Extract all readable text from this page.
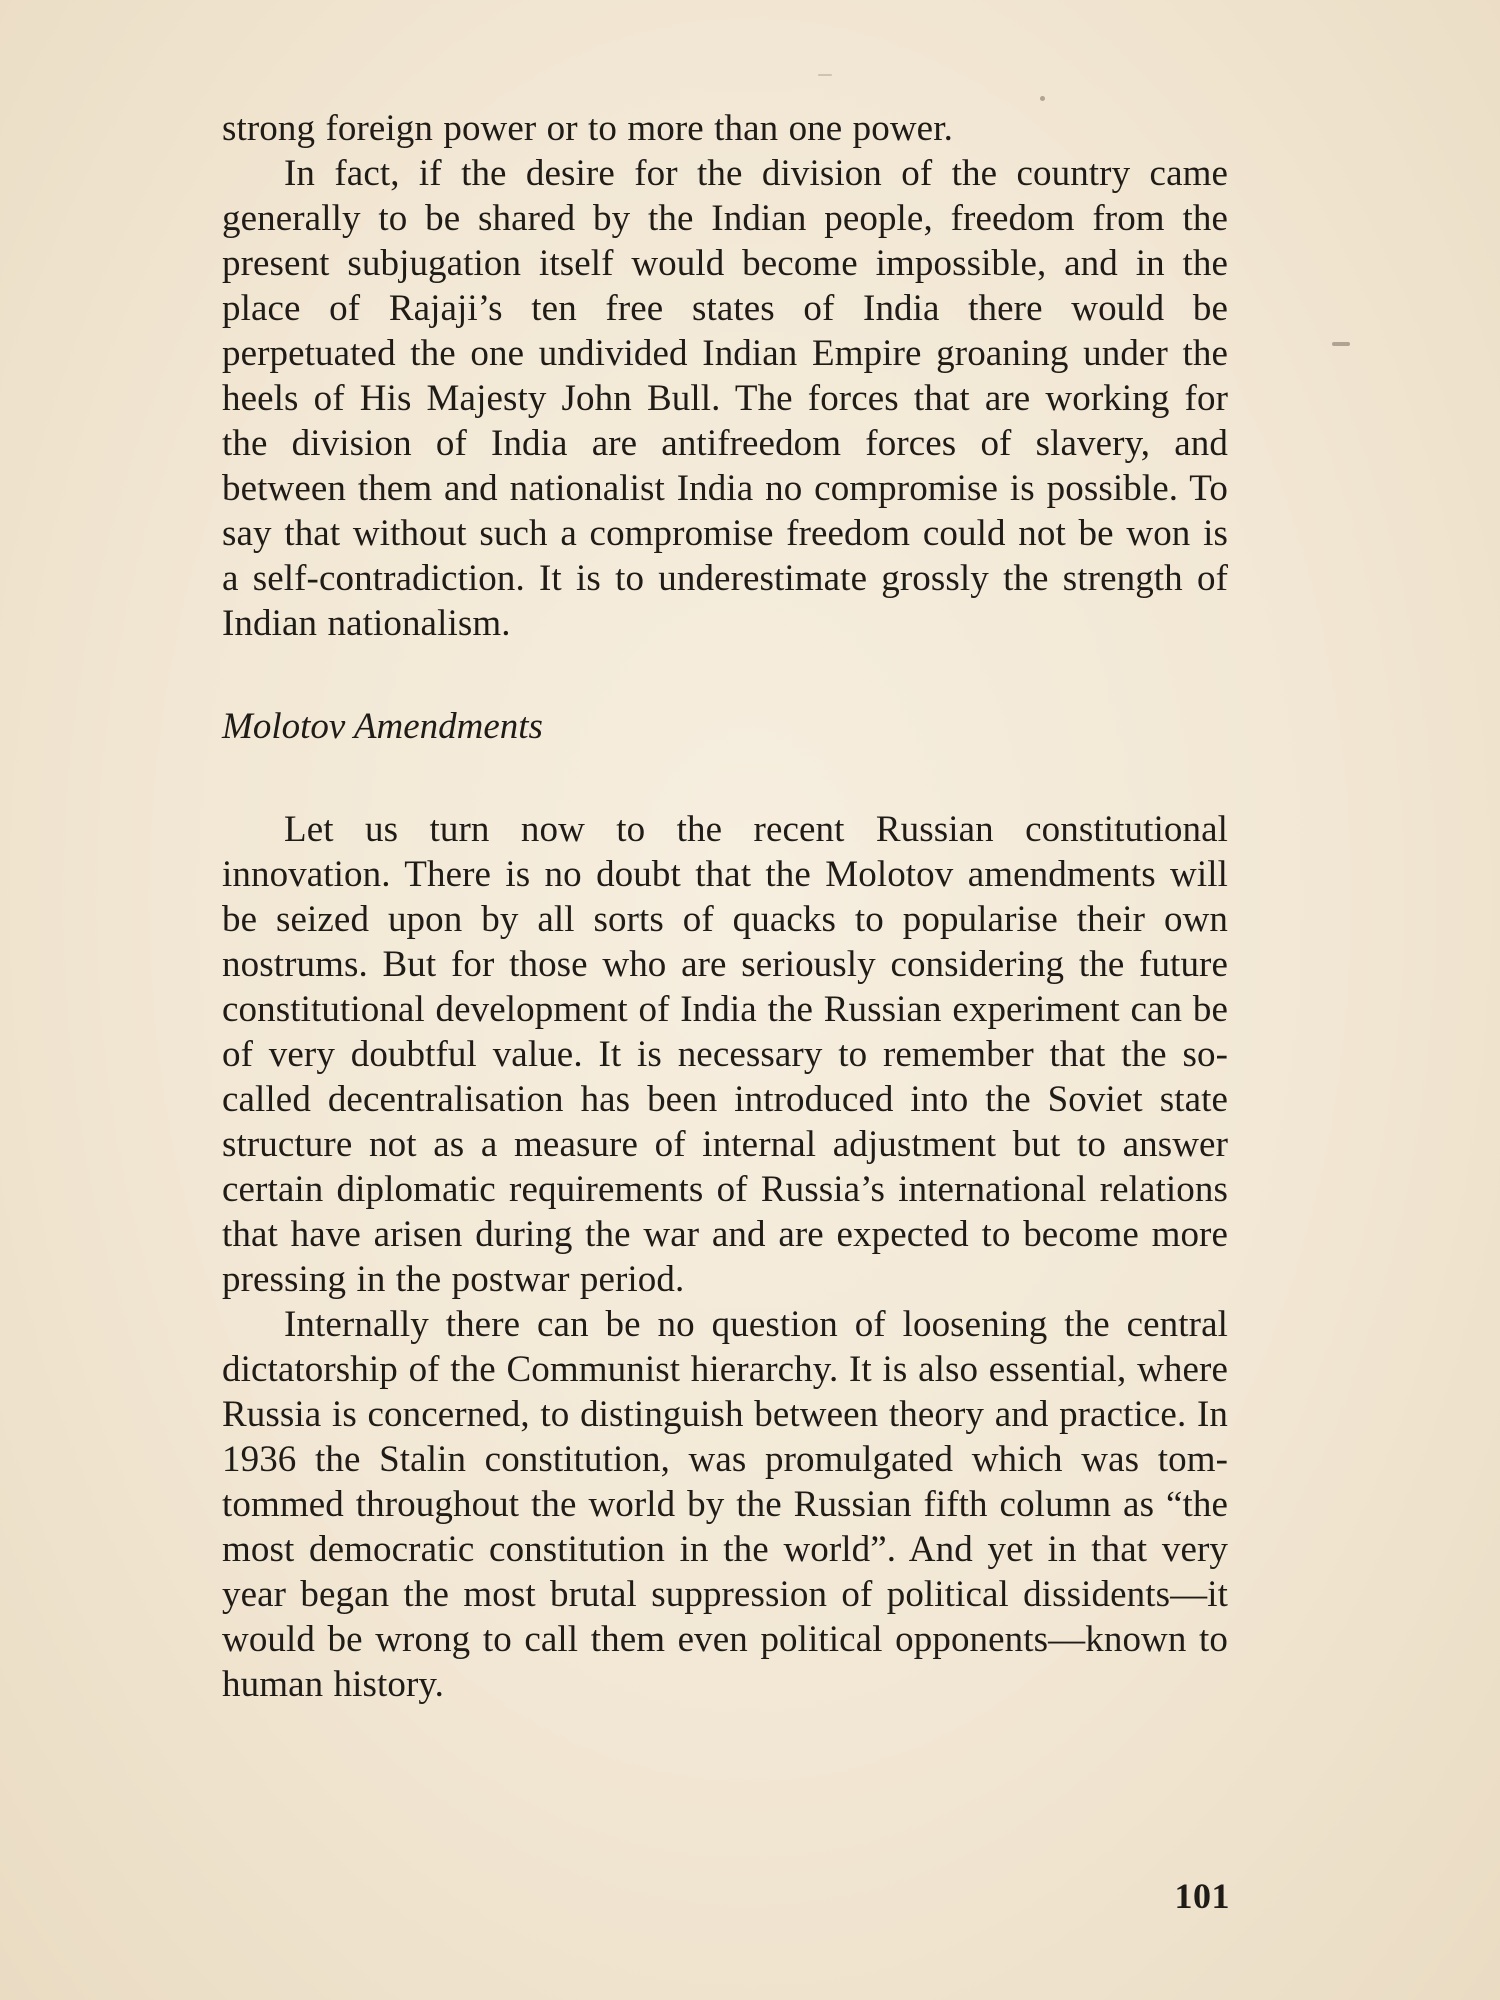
strong foreign power or to more than one power.

In fact, if the desire for the division of the country came generally to be shared by the Indian people, freedom from the present subjugation itself would become impossible, and in the place of Rajaji’s ten free states of India there would be perpetuated the one undivided Indian Empire groaning under the heels of His Majesty John Bull. The forces that are working for the division of India are antifreedom forces of slavery, and between them and nationalist India no compromise is possible. To say that without such a compromise freedom could not be won is a self-contradiction. It is to underestimate grossly the strength of Indian nationalism.

Molotov Amendments

Let us turn now to the recent Russian constitutional innovation. There is no doubt that the Molotov amendments will be seized upon by all sorts of quacks to popularise their own nostrums. But for those who are seriously considering the future constitutional development of India the Russian experiment can be of very doubtful value. It is necessary to remember that the so-called decentralisation has been introduced into the Soviet state structure not as a measure of internal adjustment but to answer certain diplomatic requirements of Russia’s international relations that have arisen during the war and are expected to become more pressing in the postwar period.

Internally there can be no question of loosening the central dictatorship of the Communist hierarchy. It is also essential, where Russia is concerned, to distinguish between theory and practice. In 1936 the Stalin constitution, was promulgated which was tom-tommed throughout the world by the Russian fifth column as “the most democratic constitution in the world”. And yet in that very year began the most brutal suppression of political dissidents—it would be wrong to call them even political opponents—known to human history.

101
